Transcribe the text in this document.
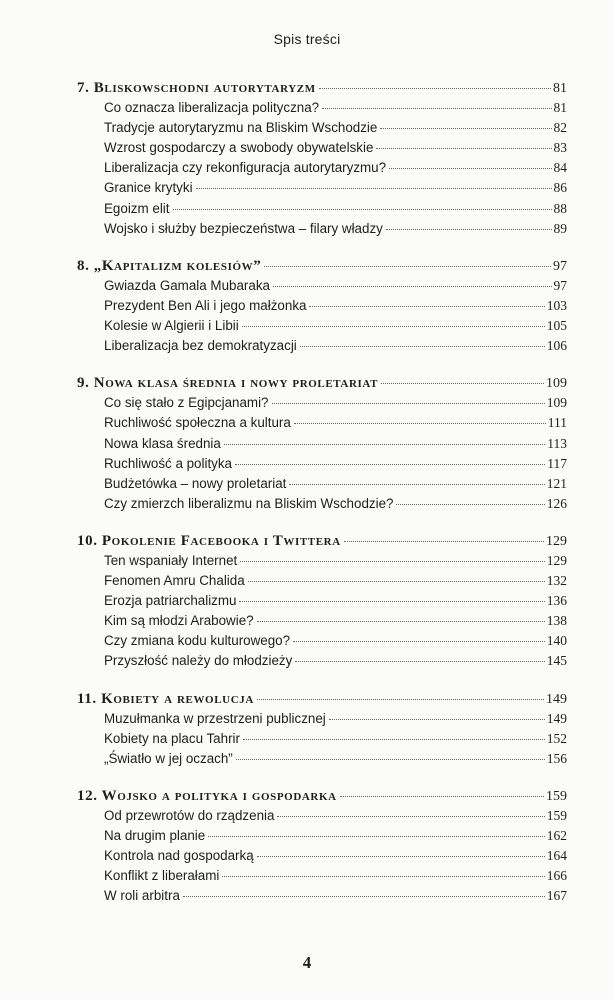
Spis treści
7. Bliskowschodni autorytaryzm	81
Co oznacza liberalizacja polityczna?	81
Tradycje autorytaryzmu na Bliskim Wschodzie	82
Wzrost gospodarczy a swobody obywatelskie	83
Liberalizacja czy rekonfiguracja autorytaryzmu?	84
Granice krytyki	86
Egoizm elit	88
Wojsko i służby bezpieczeństwa – filary władzy	89
8. „Kapitalizm kolesiów”	97
Gwiazda Gamala Mubaraka	97
Prezydent Ben Ali i jego małżonka	103
Kolesie w Algierii i Libii	105
Liberalizacja bez demokratyzacji	106
9. Nowa klasa średnia i nowy proletariat	109
Co się stało z Egipcjanami?	109
Ruchliwość społeczna a kultura	111
Nowa klasa średnia	113
Ruchliwość a polityka	117
Budżetówka – nowy proletariat	121
Czy zmierzch liberalizmu na Bliskim Wschodzie?	126
10. Pokolenie Facebooka i Twittera	129
Ten wspaniały Internet	129
Fenomen Amru Chalida	132
Erozja patriarchalizmu	136
Kim są młodzi Arabowie?	138
Czy zmiana kodu kulturowego?	140
Przyszłość należy do młodzieży	145
11. Kobiety a rewolucja	149
Muzułmanka w przestrzeni publicznej	149
Kobiety na placu Tahrir	152
„Światło w jej oczach”	156
12. Wojsko a polityka i gospodarka	159
Od przewrotów do rządzenia	159
Na drugim planie	162
Kontrola nad gospodarką	164
Konflikt z liberałami	166
W roli arbitra	167
4
